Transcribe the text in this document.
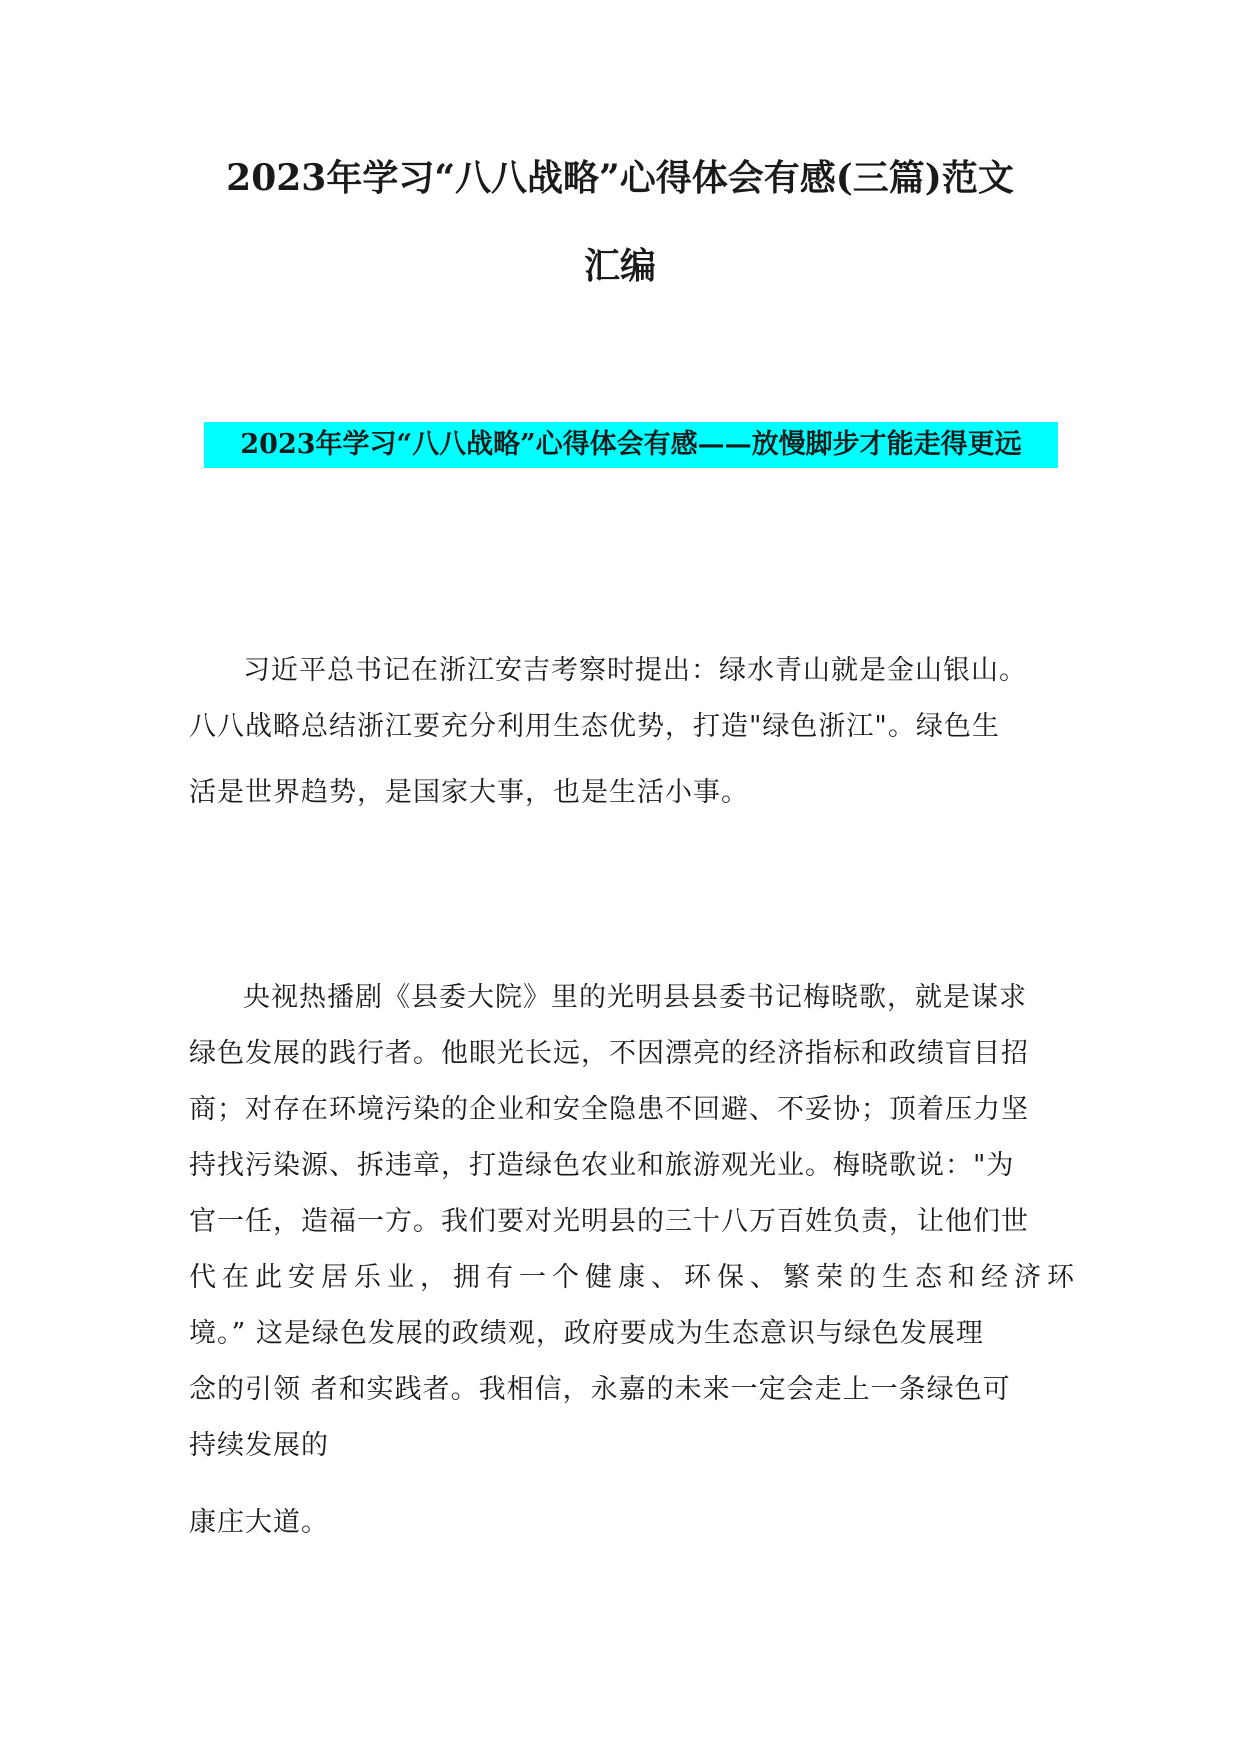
2023年学习“八八战略”心得体会有感(三篇)范文
汇编
2023年学习“八八战略”心得体会有感——放慢脚步才能走得更远
习近平总书记在浙江安吉考察时提出：绿水青山就是金山银山。
八八战略总结浙江要充分利用生态优势，打造"绿色浙江"。绿色生
活是世界趋势，是国家大事，也是生活小事。
央视热播剧《县委大院》里的光明县县委书记梅晓歌，就是谋求
绿色发展的践行者。他眼光长远，不因漂亮的经济指标和政绩盲目招
商；对存在环境污染的企业和安全隐患不回避、不妥协；顶着压力坚
持找污染源、拆违章，打造绿色农业和旅游观光业。梅晓歌说："为
官一任，造福一方。我们要对光明县的三十八万百姓负责，让他们世
代在此安居乐业，拥有一个健康、环保、繁荣的生态和经济环
境。” 这是绿色发展的政绩观，政府要成为生态意识与绿色发展理
念的引领 者和实践者。我相信，永嘉的未来一定会走上一条绿色可
持续发展的
康庄大道。
